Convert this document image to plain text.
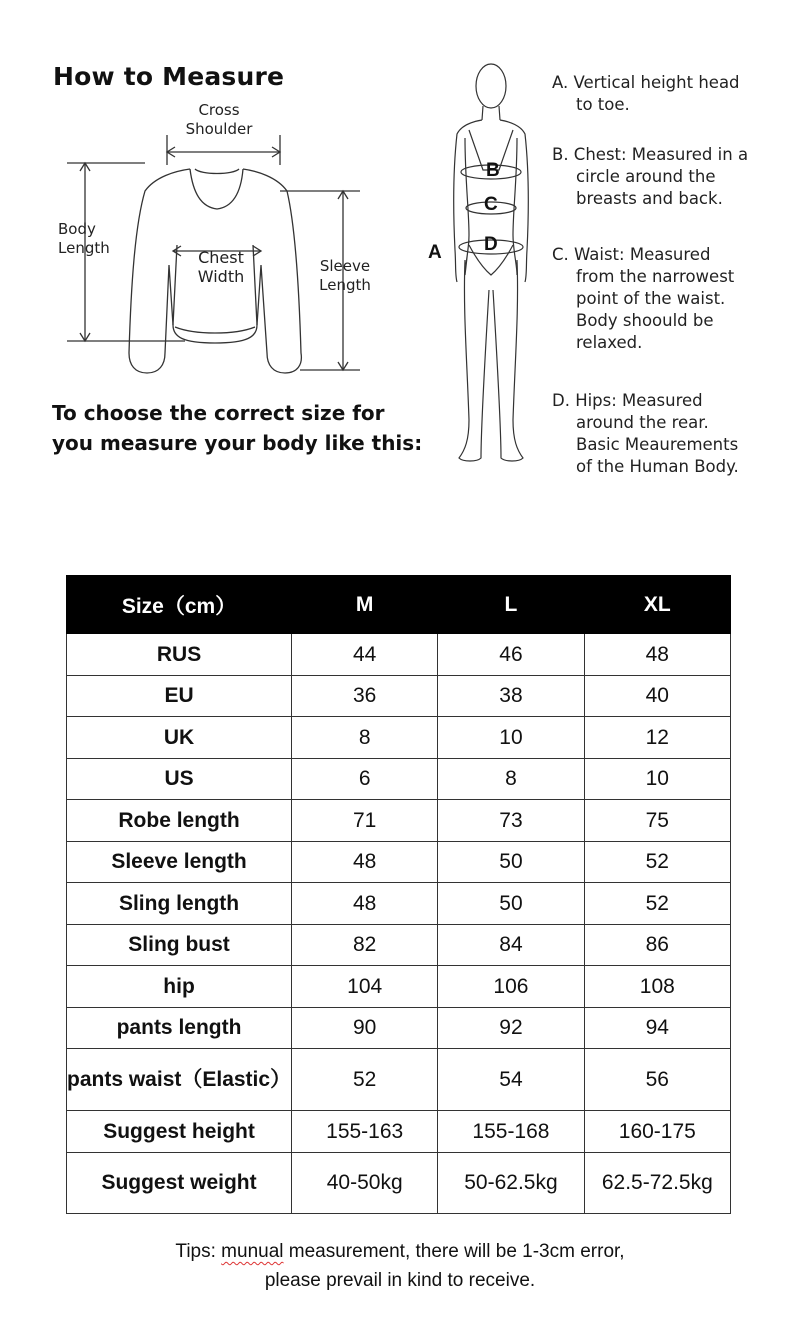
How to Measure
Cross
Shoulder
Body
Length	Chest
Width
Sleeve
Length
To choose the correct size for
you measure your body like this:
B
C
D
A
A. Vertical height head
to toe.
B. Chest: Measured in a
circle around the
breasts and back.
C. Waist: Measured
from the narrowest
point of the waist.
Body shoould be
relaxed.
D. Hips: Measured
around the rear.
Basic Meaurements
of the Human Body.
Size（cm）	M	L	XL
RUS	44	46	48
EU	36	38	40
UK	8	10	12
US	6	8	10
Robe length	71	73	75
Sleeve length	48	50	52
Sling length	48	50	52
Sling bust	82	84	86
hip	104	106	108
pants length	90	92	94
pants waist（Elastic）	52	54	56
Suggest height	155-163	155-168	160-175
Suggest weight	40-50kg	50-62.5kg	62.5-72.5kg
Tips: munual measurement, there will be 1-3cm error,
please prevail in kind to receive.
